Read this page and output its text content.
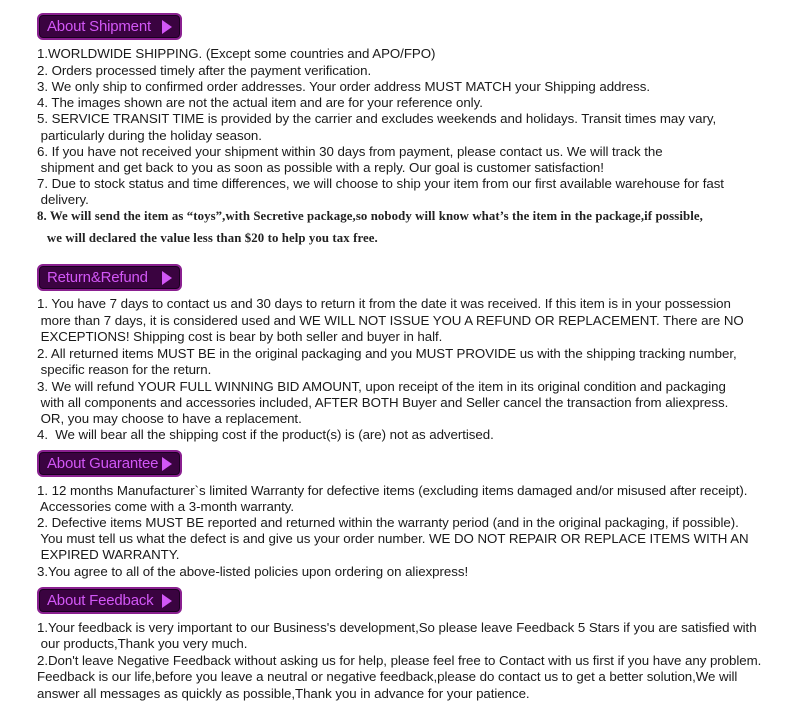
About Shipment
1.WORLDWIDE SHIPPING. (Except some countries and APO/FPO)
2. Orders processed timely after the payment verification.
3. We only ship to confirmed order addresses. Your order address MUST MATCH your Shipping address.
4. The images shown are not the actual item and are for your reference only.
5. SERVICE TRANSIT TIME is provided by the carrier and excludes weekends and holidays. Transit times may vary,
particularly during the holiday season.
6. If you have not received your shipment within 30 days from payment, please contact us. We will track the
shipment and get back to you as soon as possible with a reply. Our goal is customer satisfaction!
7. Due to stock status and time differences, we will choose to ship your item from our first available warehouse for fast
delivery.
8. We will send the item as “toys”,with Secretive package,so nobody will know what’s the item in the package,if possible,
we will declared the value less than $20 to help you tax free.
Return&Refund
1. You have 7 days to contact us and 30 days to return it from the date it was received. If this item is in your possession
more than 7 days, it is considered used and WE WILL NOT ISSUE YOU A REFUND OR REPLACEMENT. There are NO
EXCEPTIONS! Shipping cost is bear by both seller and buyer in half.
2. All returned items MUST BE in the original packaging and you MUST PROVIDE us with the shipping tracking number,
specific reason for the return.
3. We will refund YOUR FULL WINNING BID AMOUNT, upon receipt of the item in its original condition and packaging
with all components and accessories included, AFTER BOTH Buyer and Seller cancel the transaction from aliexpress.
OR, you may choose to have a replacement.
4.  We will bear all the shipping cost if the product(s) is (are) not as advertised.
About Guarantee
1. 12 months Manufacturer`s limited Warranty for defective items (excluding items damaged and/or misused after receipt).
Accessories come with a 3-month warranty.
2. Defective items MUST BE reported and returned within the warranty period (and in the original packaging, if possible).
You must tell us what the defect is and give us your order number. WE DO NOT REPAIR OR REPLACE ITEMS WITH AN
EXPIRED WARRANTY.
3.You agree to all of the above-listed policies upon ordering on aliexpress!
About Feedback
1.Your feedback is very important to our Business's development,So please leave Feedback 5 Stars if you are satisfied with
our products,Thank you very much.
2.Don't leave Negative Feedback without asking us for help, please feel free to Contact with us first if you have any problem.
Feedback is our life,before you leave a neutral or negative feedback,please do contact us to get a better solution,We will
answer all messages as quickly as possible,Thank you in advance for your patience.
